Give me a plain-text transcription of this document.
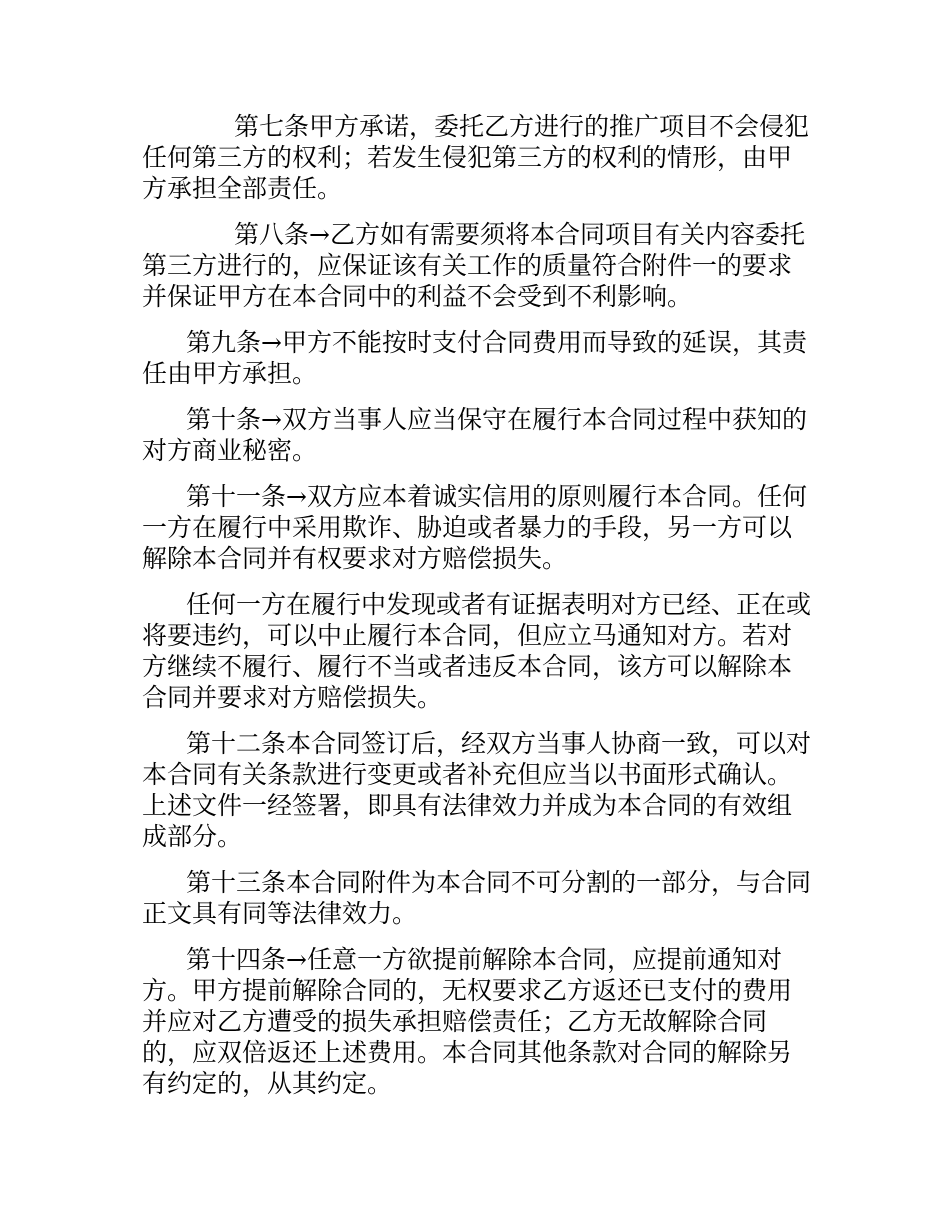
第七条甲方承诺，委托乙方进行的推广项目不会侵犯任何第三方的权利；若发生侵犯第三方的权利的情形，由甲方承担全部责任。

第八条→乙方如有需要须将本合同项目有关内容委托第三方进行的，应保证该有关工作的质量符合附件一的要求并保证甲方在本合同中的利益不会受到不利影响。

第九条→甲方不能按时支付合同费用而导致的延误，其责任由甲方承担。

第十条→双方当事人应当保守在履行本合同过程中获知的对方商业秘密。

第十一条→双方应本着诚实信用的原则履行本合同。任何一方在履行中采用欺诈、胁迫或者暴力的手段，另一方可以解除本合同并有权要求对方赔偿损失。

任何一方在履行中发现或者有证据表明对方已经、正在或将要违约，可以中止履行本合同，但应立马通知对方。若对方继续不履行、履行不当或者违反本合同，该方可以解除本合同并要求对方赔偿损失。

第十二条本合同签订后，经双方当事人协商一致，可以对本合同有关条款进行变更或者补充但应当以书面形式确认。上述文件一经签署，即具有法律效力并成为本合同的有效组成部分。

第十三条本合同附件为本合同不可分割的一部分，与合同正文具有同等法律效力。

第十四条→任意一方欲提前解除本合同，应提前通知对方。甲方提前解除合同的，无权要求乙方返还已支付的费用并应对乙方遭受的损失承担赔偿责任；乙方无故解除合同的，应双倍返还上述费用。本合同其他条款对合同的解除另有约定的，从其约定。
